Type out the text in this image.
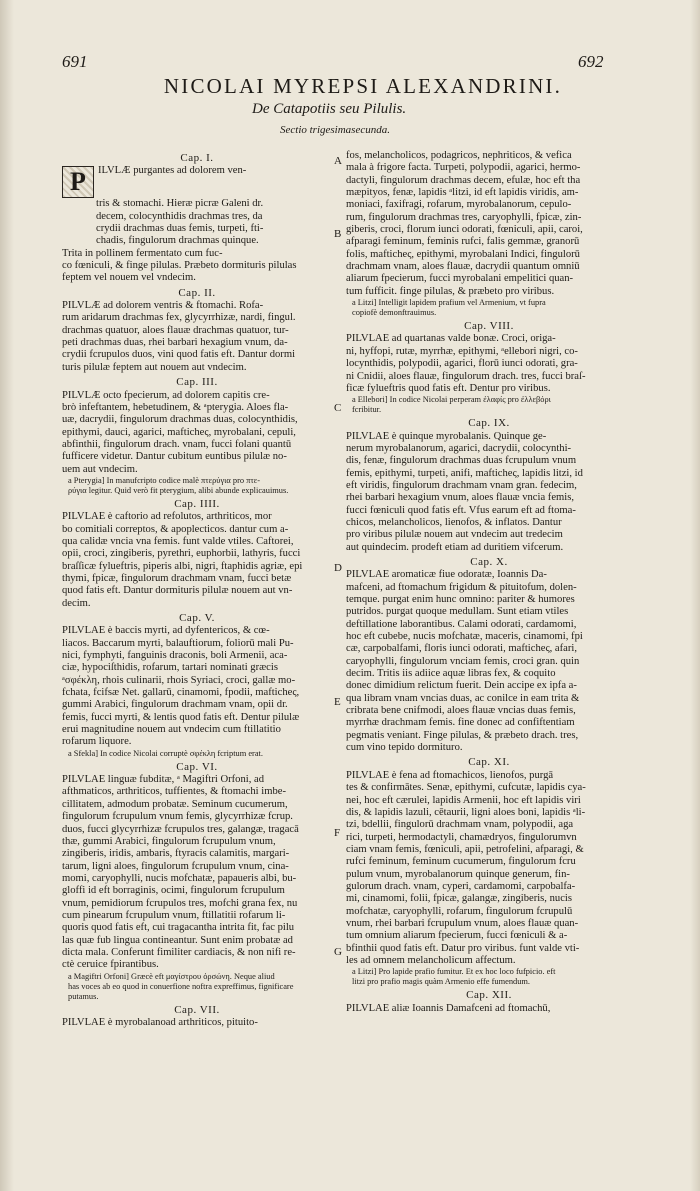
691	692
NICOLAI MYREPSI ALEXANDRINI.
De Catapotiis seu Pilulis.
Sectio trigesimasecunda.
Cap. I.
P	ILVLÆ purgantes ad dolorem ven-
tris & stomachi. Hieræ picræ Galeni dr.
decem, colocynthidis drachmas tres, da
crydii drachmas duas femis, turpeti, fti-
chadis, fingulorum drachmas quinque.
Trita in pollinem fermentato cum fuc-
co fœniculi, & finge pilulas. Præbeto dormituris pilulas
feptem vel nouem vel vndecim.
Cap. II.
PILVLÆ ad dolorem ventris & ftomachi. Rofa-
rum aridarum drachmas fex, glycyrrhizæ, nardi, fingul.
drachmas quatuor, aloes flauæ drachmas quatuor, tur-
peti drachmas duas, rhei barbari hexagium vnum, da-
crydii fcrupulos duos, vini quod fatis eft. Dantur dormi
turis pilulæ feptem aut nouem aut vndecim.
Cap. III.
PILVLÆ octo fpecierum, ad dolorem capitis cre-
brò infeftantem, hebetudinem, & ᵃpterygia. Aloes fla-
uæ, dacrydii, fingulorum drachmas duas, colocynthidis,
epithymi, dauci, agarici, mafticheς, myrobalani, cepuli,
abfinthii, fingulorum drach. vnam, fucci folani quantū
fufficere videtur. Dantur cubitum euntibus pilulæ no-
uem aut vndecim.
a Pterygia] In manufcripto codice malè πτερύγια pro πτε-
ρύγια legitur. Quid verò fit pterygium, alibi abunde explicauimus.
Cap. IIII.
PILVLAE è caftorio ad refolutos, arthriticos, mor
bo comitiali correptos, & apoplecticos. dantur cum a-
qua calidæ vncia vna femis. funt valde vtiles. Caftorei,
opii, croci, zingiberis, pyrethri, euphorbii, lathyris, fucci
braſſicæ fylueftris, piperis albi, nigri, ftaphidis agriæ, epi
thymi, fpicæ, fingulorum drachmam vnam, fucci betæ
quod fatis eft. Dantur dormituris pilulæ nouem aut vn-
decim.
Cap. V.
PILVLAE è baccis myrti, ad dyfentericos, & cœ-
liacos. Baccarum myrti, balauftiorum, foliorū mali Pu-
nici, fymphyti, fanguinis draconis, boli Armenii, aca-
ciæ, hypociſthidis, rofarum, tartari nominati græcis
ᵃσφέκλη, rhois culinarii, rhois Syriaci, croci, gallæ mo-
fchata, fcifsæ Net. gallarū, cinamomi, fpodii, mafticheς,
gummi Arabici, fingulorum drachmam vnam, opii dr.
femis, fucci myrti, & lentis quod fatis eft. Dentur pilulæ
erui magnitudine nouem aut vndecim cum ftillatitio
rofarum liquore.
a Sfekla] In codice Nicolai corruptè σφέκλη fcriptum erat.
Cap. VI.
PILVLAE linguæ fubditæ, ᵃ Magiftri Orfoni, ad
afthmaticos, arthriticos, tuffientes, & ftomachi imbe-
cillitatem, admodum probatæ. Seminum cucumerum,
fingulorum fcrupulum vnum femis, glycyrrhizæ fcrup.
duos, fucci glycyrrhizæ fcrupulos tres, galangæ, tragacā
thæ, gummi Arabici, fingulorum fcrupulum vnum,
zingiberis, iridis, ambaris, ftyracis calamitis, margari-
tarum, ligni aloes, fingulorum fcrupulum vnum, cina-
momi, caryophylli, nucis mofchatæ, papaueris albi, bu-
gloffi id eft borraginis, ocimi, fingulorum fcrupulum
vnum, pemidiorum fcrupulos tres, mofchi grana fex, nu
cum pinearum fcrupulum vnum, ftillatitii rofarum li-
quoris quod fatis eft, cui tragacantha intrita fit, fac pilu
las quæ fub lingua contineantur. Sunt enim probatæ ad
dicta mala. Conferunt fimiliter cardiacis, & non nifi re-
ctè ceruice fpirantibus.
a Magiftri Orfoni] Græcè eft μαγίστρου ὀρσώνη. Neque aliud
has voces ab eo quod in conuerfione noftra expreffimus, fignificare
putamus.
Cap. VII.
PILVLAE è myrobalanoad arthriticos, pituito-
fos, melancholicos, podagricos, nephriticos, & vefica
mala à frigore facta. Turpeti, polypodii, agarici, hermo-
dactyli, fingulorum drachmas decem, efulæ, hoc eft tha
mæpityos, fenæ, lapidis ᵃlitzi, id eft lapidis viridis, am-
moniaci, faxifragi, rofarum, myrobalanorum, cepulo-
rum, fingulorum drachmas tres, caryophylli, fpicæ, zin-
giberis, croci, florum iunci odorati, fœniculi, apii, caroi,
afparagi feminum, feminis rufci, falis gemmæ, granorū
folis, mafticheς, epithymi, myrobalani Indici, fingulorū
drachmam vnam, aloes flauæ, dacrydii quantum omniū
aliarum fpecierum, fucci myrobalani empelitici quan-
tum fufficit. finge pilulas, & præbeto pro viribus.
a Litzi] Intelligit lapidem prafium vel Armenium, vt fupra
copiofè demonftrauimus.
Cap. VIII.
PILVLAE ad quartanas valde bonæ. Croci, origa-
ni, hyffopi, rutæ, myrrhæ, epithymi, ᵃellebori nigri, co-
locynthidis, polypodii, agarici, florū iunci odorati, gra-
ni Cnidii, aloes flauæ, fingulorum drach. tres, fucci braſ-
ficæ fylueftris quod fatis eft. Dentur pro viribus.
a Ellebori] In codice Nicolai perperam ἐλαφίς pro ἐλλεβόρι
fcribitur.
Cap. IX.
PILVLAE è quinque myrobalanis. Quinque ge-
nerum myrobalanorum, agarici, dacrydii, colocynthi-
dis, fenæ, fingulorum drachmas duas fcrupulum vnum
femis, epithymi, turpeti, anifi, mafticheς, lapidis litzi, id
eft viridis, fingulorum drachmam vnam gran. fedecim,
rhei barbari hexagium vnum, aloes flauæ vncia femis,
fucci fœniculi quod fatis eft. Vfus earum eft ad ftoma-
chicos, melancholicos, lienofos, & inflatos. Dantur
pro viribus pilulæ nouem aut vndecim aut tredecim
aut quindecim. prodeft etiam ad duritiem vifcerum.
Cap. X.
PILVLAE aromaticæ fiue odoratæ, Ioannis Da-
mafceni, ad ftomachum frigidum & pituitofum, dolen-
temque. purgat enim hunc omnino: pariter & humores
putridos. purgat quoque medullam. Sunt etiam vtiles
deftillatione laborantibus. Calami odorati, cardamomi,
hoc eft cubebe, nucis mofchatæ, maceris, cinamomi, fpi
cæ, carpobalfami, floris iunci odorati, mafticheς, afari,
caryophylli, fingulorum vnciam femis, croci gran. quin
decim. Tritis iis adiice aquæ libras fex, & coquito
donec dimidium relictum fuerit. Dein accipe ex ipfa a-
qua libram vnam vncias duas, ac conilce in eam trita &
cribrata bene cnifmodi, aloes flauæ vncias duas femis,
myrrhæ drachmam femis. fine donec ad confiftentiam
pegmatis veniant. Finge pilulas, & præbeto drach. tres,
cum vino tepido dormituro.
Cap. XI.
PILVLAE è fena ad ftomachicos, lienofos, purgā
tes & confirmātes. Senæ, epithymi, cufcutæ, lapidis cya-
nei, hoc eft cærulei, lapidis Armenii, hoc eft lapidis viri
dis, & lapidis lazuli, cētaurii, ligni aloes boni, lapidis ᵃli-
tzi, bdellii, fingulorū drachmam vnam, polypodii, aga
rici, turpeti, hermodactyli, chamædryos, fingulorumvn
ciam vnam femis, fœniculi, apii, petrofelini, afparagi, &
rufci feminum, feminum cucumerum, fingulorum fcru
pulum vnum, myrobalanorum quinque generum, fin-
gulorum drach. vnam, cyperi, cardamomi, carpobalfa-
mi, cinamomi, folii, fpicæ, galangæ, zingiberis, nucis
mofchatæ, caryophylli, rofarum, fingulorum fcrupulū
vnum, rhei barbari fcrupulum vnum, aloes flauæ quan-
tum omnium aliarum fpecierum, fucci fœniculi & a-
bfinthii quod fatis eft. Datur pro viribus. funt valde vti-
les ad omnem melancholicum affectum.
a Litzi] Pro lapide prafio fumitur. Et ex hoc loco fufpicio. eft
litzi pro prafio magis quàm Armenio effe fumendum.
Cap. XII.
PILVLAE aliæ Ioannis Damafceni ad ftomachū,
A
B
C
D
E
F
G
